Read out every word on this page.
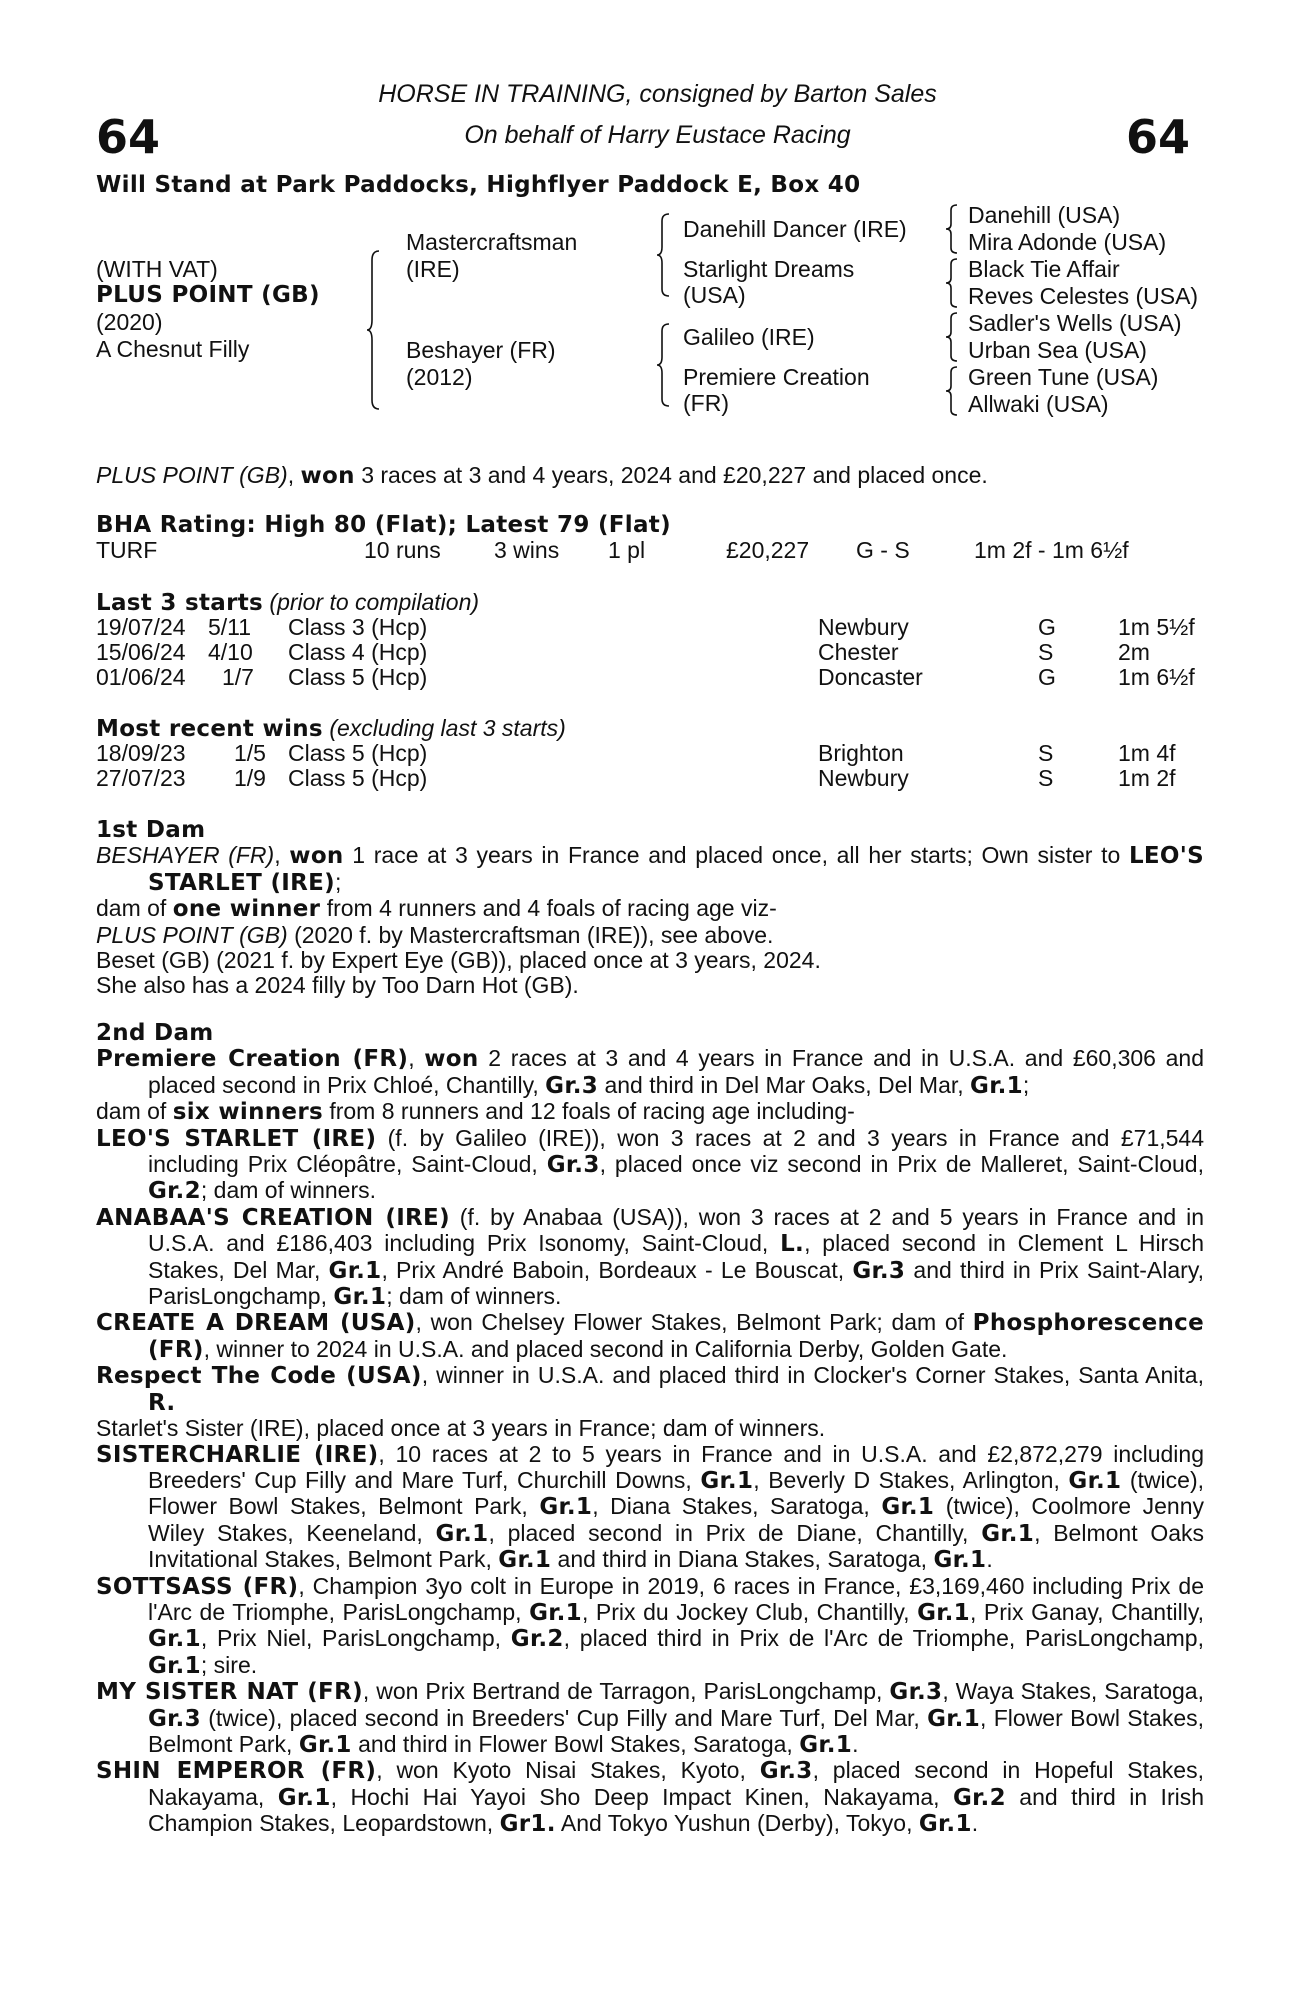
64	64
HORSE IN TRAINING, consigned by Barton Sales
On behalf of Harry Eustace Racing
Will Stand at Park Paddocks, Highflyer Paddock E, Box 40
(WITH VAT)
PLUS POINT (GB)
(2020)
A Chesnut Filly
Mastercraftsman
(IRE)
Beshayer (FR)
(2012)
Danehill Dancer (IRE)
Starlight Dreams
(USA)
Galileo (IRE)
Premiere Creation
(FR)
Danehill (USA)
Mira Adonde (USA)
Black Tie Affair
Reves Celestes (USA)
Sadler's Wells (USA)
Urban Sea (USA)
Green Tune (USA)
Allwaki (USA)
PLUS POINT (GB), won 3 races at 3 and 4 years, 2024 and £20,227 and placed once.
BHA Rating: High 80 (Flat); Latest 79 (Flat)
TURF	10 runs 3 wins 1 pl	£20,227 G - S	1m 2f - 1m 6½f
Last 3 starts (prior to compilation)
19/07/24 5/11 Class 3 (Hcp)	Newbury	G	1m 5½f
15/06/24 4/10 Class 4 (Hcp)	Chester	S	2m
01/06/24 1/7 Class 5 (Hcp)	Doncaster	G	1m 6½f
Most recent wins (excluding last 3 starts)
18/09/23 1/5 Class 5 (Hcp)	Brighton	S	1m 4f
27/07/23 1/9 Class 5 (Hcp)	Newbury	S	1m 2f

1st Dam

BESHAYER (FR), won 1 race at 3 years in France and placed once, all her starts; Own sister to LEO'S STARLET (IRE);

dam of one winner from 4 runners and 4 foals of racing age viz-

PLUS POINT (GB) (2020 f. by Mastercraftsman (IRE)), see above.

Beset (GB) (2021 f. by Expert Eye (GB)), placed once at 3 years, 2024.

She also has a 2024 filly by Too Darn Hot (GB).

2nd Dam

Premiere Creation (FR), won 2 races at 3 and 4 years in France and in U.S.A. and £60,306 and placed second in Prix Chloé, Chantilly, Gr.3 and third in Del Mar Oaks, Del Mar, Gr.1;

dam of six winners from 8 runners and 12 foals of racing age including-

LEO'S STARLET (IRE) (f. by Galileo (IRE)), won 3 races at 2 and 3 years in France and £71,544 including Prix Cléopâtre, Saint-Cloud, Gr.3, placed once viz second in Prix de Malleret, Saint-Cloud, Gr.2; dam of winners.

ANABAA'S CREATION (IRE) (f. by Anabaa (USA)), won 3 races at 2 and 5 years in France and in U.S.A. and £186,403 including Prix Isonomy, Saint-Cloud, L., placed second in Clement L Hirsch Stakes, Del Mar, Gr.1, Prix André Baboin, Bordeaux - Le Bouscat, Gr.3 and third in Prix Saint-Alary, ParisLongchamp, Gr.1; dam of winners.

CREATE A DREAM (USA), won Chelsey Flower Stakes, Belmont Park; dam of Phosphorescence (FR), winner to 2024 in U.S.A. and placed second in California Derby, Golden Gate.

Respect The Code (USA), winner in U.S.A. and placed third in Clocker's Corner Stakes, Santa Anita, R.

Starlet's Sister (IRE), placed once at 3 years in France; dam of winners.

SISTERCHARLIE (IRE), 10 races at 2 to 5 years in France and in U.S.A. and £2,872,279 including Breeders' Cup Filly and Mare Turf, Churchill Downs, Gr.1, Beverly D Stakes, Arlington, Gr.1 (twice), Flower Bowl Stakes, Belmont Park, Gr.1, Diana Stakes, Saratoga, Gr.1 (twice), Coolmore Jenny Wiley Stakes, Keeneland, Gr.1, placed second in Prix de Diane, Chantilly, Gr.1, Belmont Oaks Invitational Stakes, Belmont Park, Gr.1 and third in Diana Stakes, Saratoga, Gr.1.

SOTTSASS (FR), Champion 3yo colt in Europe in 2019, 6 races in France, £3,169,460 including Prix de l'Arc de Triomphe, ParisLongchamp, Gr.1, Prix du Jockey Club, Chantilly, Gr.1, Prix Ganay, Chantilly, Gr.1, Prix Niel, ParisLongchamp, Gr.2, placed third in Prix de l'Arc de Triomphe, ParisLongchamp, Gr.1; sire.

MY SISTER NAT (FR), won Prix Bertrand de Tarragon, ParisLongchamp, Gr.3, Waya Stakes, Saratoga, Gr.3 (twice), placed second in Breeders' Cup Filly and Mare Turf, Del Mar, Gr.1, Flower Bowl Stakes, Belmont Park, Gr.1 and third in Flower Bowl Stakes, Saratoga, Gr.1.

SHIN EMPEROR (FR), won Kyoto Nisai Stakes, Kyoto, Gr.3, placed second in Hopeful Stakes, Nakayama, Gr.1, Hochi Hai Yayoi Sho Deep Impact Kinen, Nakayama, Gr.2 and third in Irish Champion Stakes, Leopardstown, Gr1. And Tokyo Yushun (Derby), Tokyo, Gr.1.
